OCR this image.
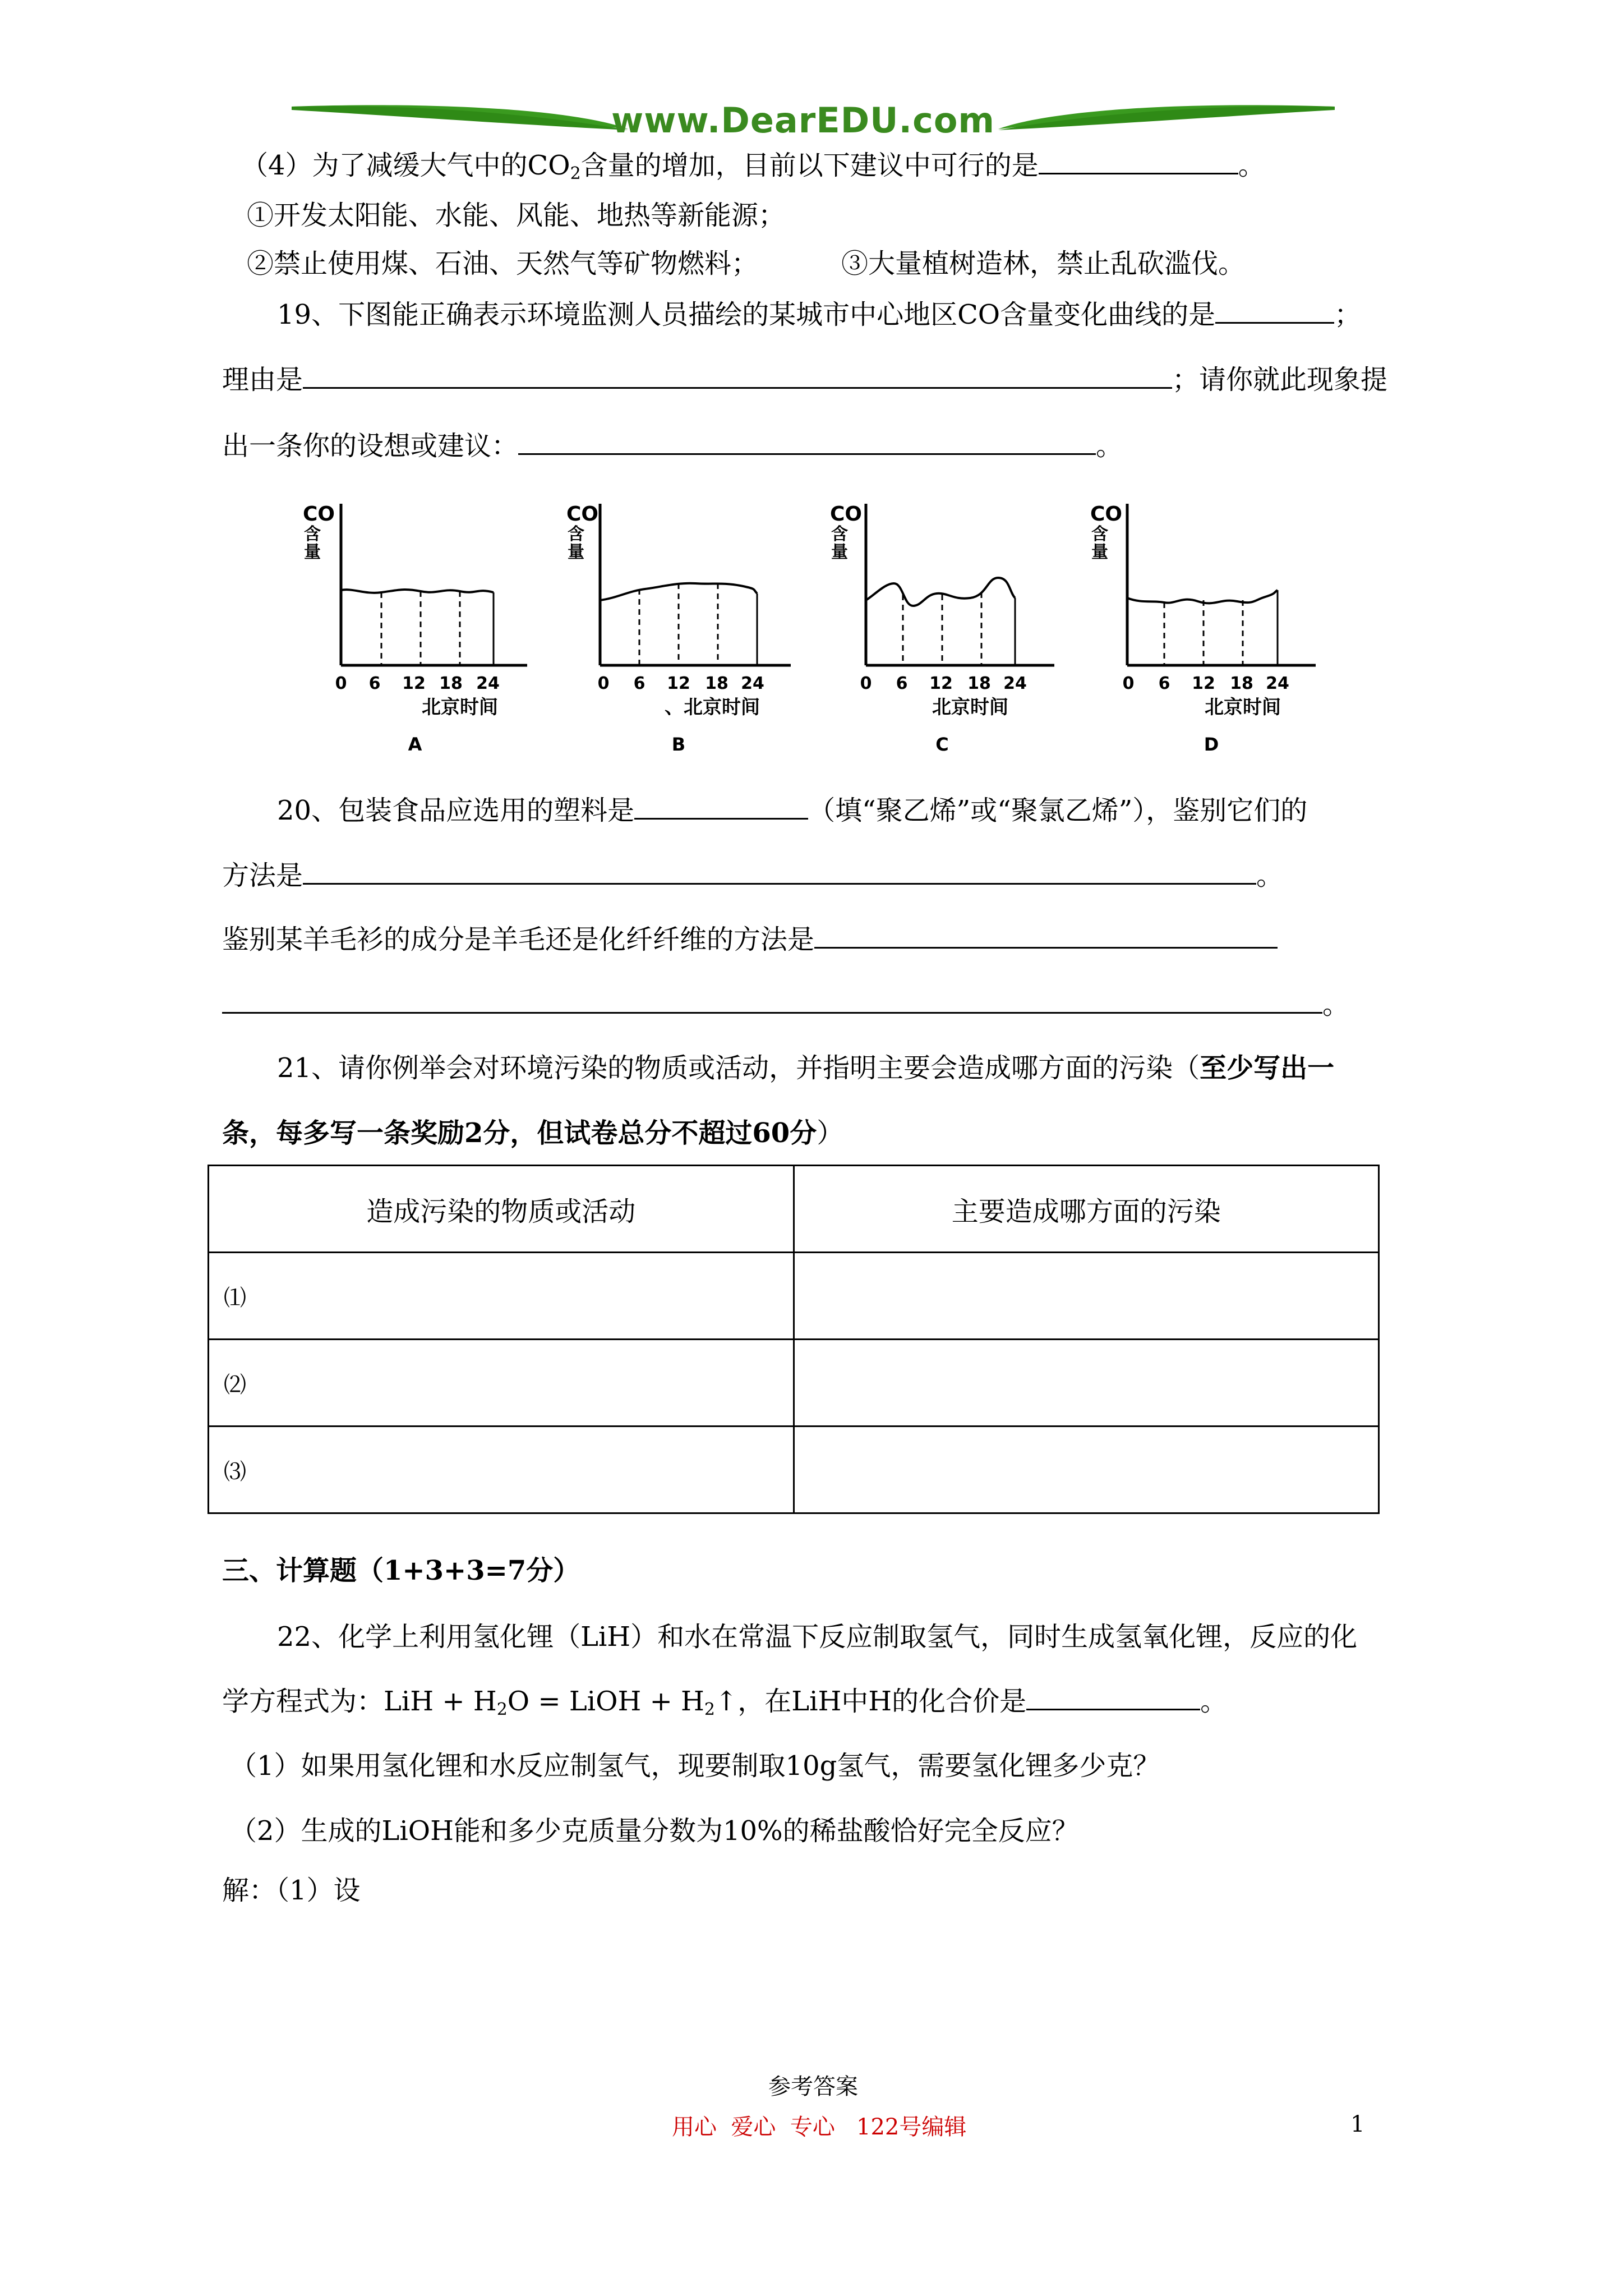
www.DearEDU.com
（4）为了减缓大气中的$CO_2$含量的增加，目前以下建议中可行的是	。
①开发太阳能、水能、风能、地热等新能源；
②禁止使用煤、石油、天然气等矿物燃料；	③大量植树造林，禁止乱砍滥伐。
19、下图能正确表示环境监测人员描绘的某城市中心地区CO含量变化曲线的是	；
理由是	；请你就此现象提
出一条你的设想或建议：	。
CO
含
量
0 6 12 18 24
北京时间
A
CO
含
量
0 6 12 18 24
、北京时间
B
CO
含
量
0 6 12 18 24
北京时间
C
CO
含
量
0 6 12 18 24
北京时间
D
20、包装食品应选用的塑料是	（填“聚乙烯”或“聚氯乙烯”），鉴别它们的
方法是	。
鉴别某羊毛衫的成分是羊毛还是化纤纤维的方法是
。
21、请你例举会对环境污染的物质或活动，并指明主要会造成哪方面的污染（至少写出一
条，每多写一条奖励2分，但试卷总分不超过60分）
造成污染的物质或活动	主要造成哪方面的污染
⑴	
⑵	
⑶	
三、计算题（1+3+3=7分）
22、化学上利用氢化锂（LiH）和水在常温下反应制取氢气，同时生成氢氧化锂，反应的化
学方程式为：LiH + $H_2O$ = LiOH + $H_2↑$，在LiH中H的化合价是	。
（1）如果用氢化锂和水反应制氢气，现要制取10g氢气，需要氢化锂多少克？
（2）生成的LiOH能和多少克质量分数为10%的稀盐酸恰好完全反应？
解：（1）设
参考答案
用心  爱心  专心   122号编辑	1
